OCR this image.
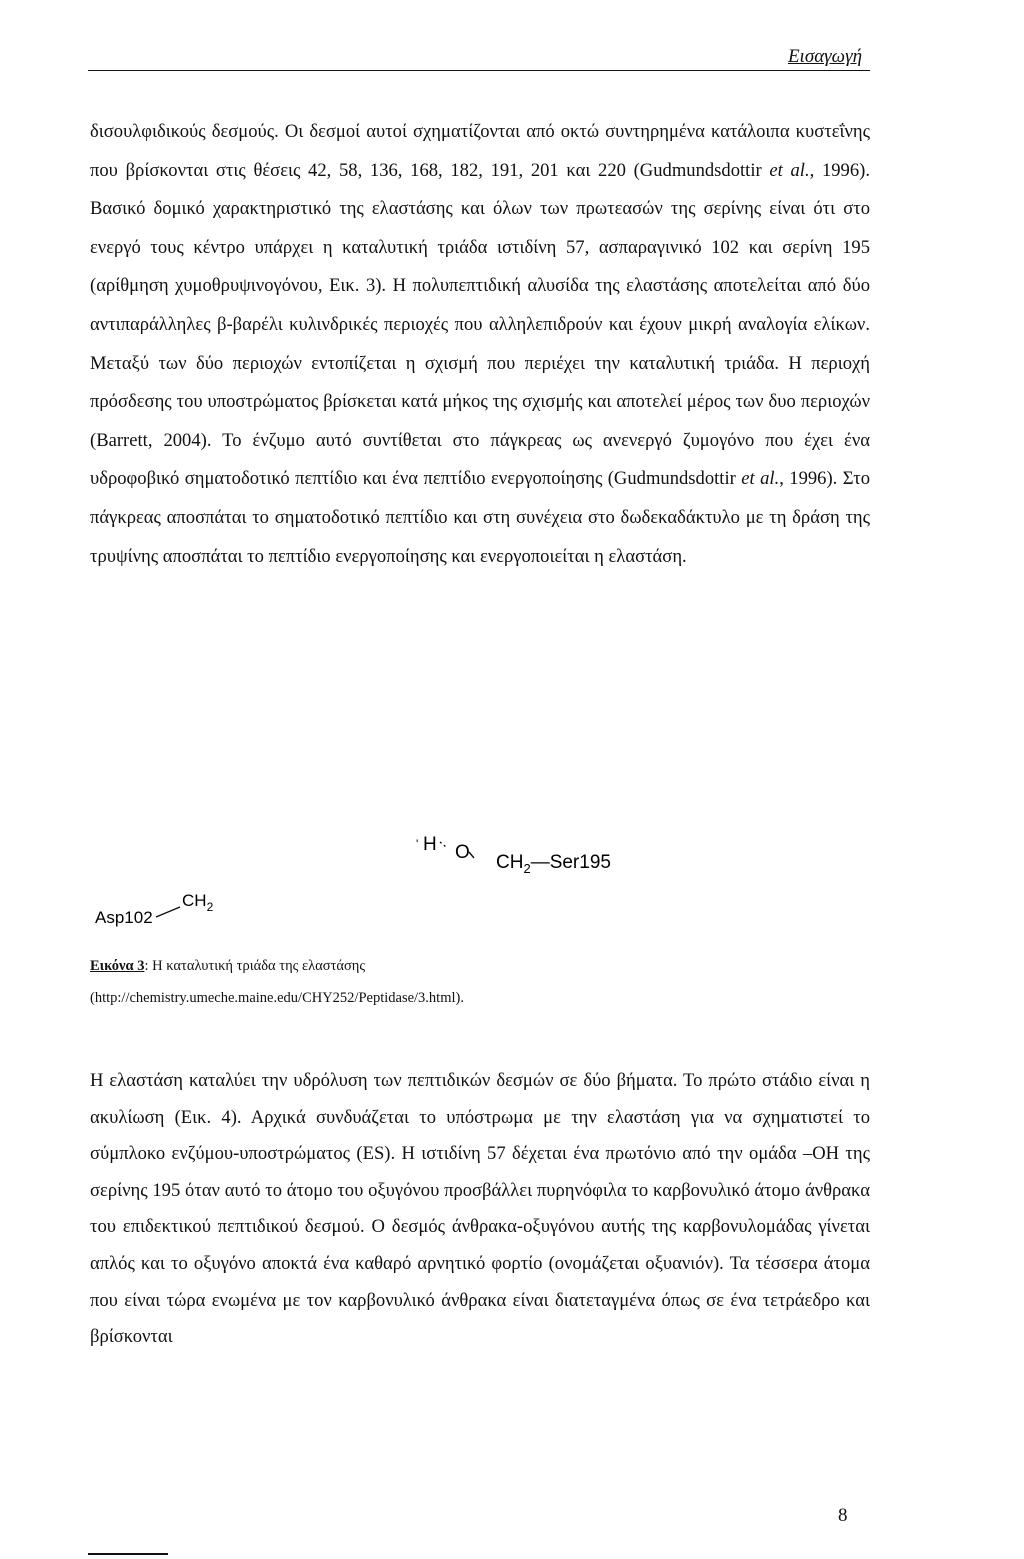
Εισαγωγή

δισουλφιδικούς δεσμούς. Οι δεσμοί αυτοί σχηματίζονται από οκτώ συντηρημένα κατάλοιπα κυστεΐνης που βρίσκονται στις θέσεις 42, 58, 136, 168, 182, 191, 201 και 220 (Gudmundsdottir et al., 1996). Βασικό δομικό χαρακτηριστικό της ελαστάσης και όλων των πρωτεασών της σερίνης είναι ότι στο ενεργό τους κέντρο υπάρχει η καταλυτική τριάδα ιστιδίνη 57, ασπαραγινικό 102 και σερίνη 195 (αρίθμηση χυμοθρυψινογόνου, Εικ. 3). Η πολυπεπτιδική αλυσίδα της ελαστάσης αποτελείται από δύο αντιπαράλληλες β-βαρέλι κυλινδρικές περιοχές που αλληλεπιδρούν και έχουν μικρή αναλογία ελίκων. Μεταξύ των δύο περιοχών εντοπίζεται η σχισμή που περιέχει την καταλυτική τριάδα. Η περιοχή πρόσδεσης του υποστρώματος βρίσκεται κατά μήκος της σχισμής και αποτελεί μέρος των δυο περιοχών (Barrett, 2004). Το ένζυμο αυτό συντίθεται στο πάγκρεας ως ανενεργό ζυμογόνο που έχει ένα υδροφοβικό σηματοδοτικό πεπτίδιο και ένα πεπτίδιο ενεργοποίησης (Gudmundsdottir et al., 1996). Στο πάγκρεας αποσπάται το σηματοδοτικό πεπτίδιο και στη συνέχεια στο δωδεκαδάκτυλο με τη δράση της τρυψίνης αποσπάται το πεπτίδιο ενεργοποίησης και ενεργοποιείται η ελαστάση.

H
' O $CH_2—Ser195$
Asp102
$CH_2$
Εικόνα 3: Η καταλυτική τριάδα της ελαστάσης
(http://chemistry.umeche.maine.edu/CHY252/Peptidase/3.html).

Η ελαστάση καταλύει την υδρόλυση των πεπτιδικών δεσμών σε δύο βήματα. Το πρώτο στάδιο είναι η ακυλίωση (Εικ. 4). Αρχικά συνδυάζεται το υπόστρωμα με την ελαστάση για να σχηματιστεί το σύμπλοκο ενζύμου-υποστρώματος (ES). Η ιστιδίνη 57 δέχεται ένα πρωτόνιο από την ομάδα –ΟΗ της σερίνης 195 όταν αυτό το άτομο του οξυγόνου προσβάλλει πυρηνόφιλα το καρβονυλικό άτομο άνθρακα του επιδεκτικού πεπτιδικού δεσμού. Ο δεσμός άνθρακα-οξυγόνου αυτής της καρβονυλομάδας γίνεται απλός και το οξυγόνο αποκτά ένα καθαρό αρνητικό φορτίο (ονομάζεται οξυανιόν). Τα τέσσερα άτομα που είναι τώρα ενωμένα με τον καρβονυλικό άνθρακα είναι διατεταγμένα όπως σε ένα τετράεδρο και βρίσκονται

8
